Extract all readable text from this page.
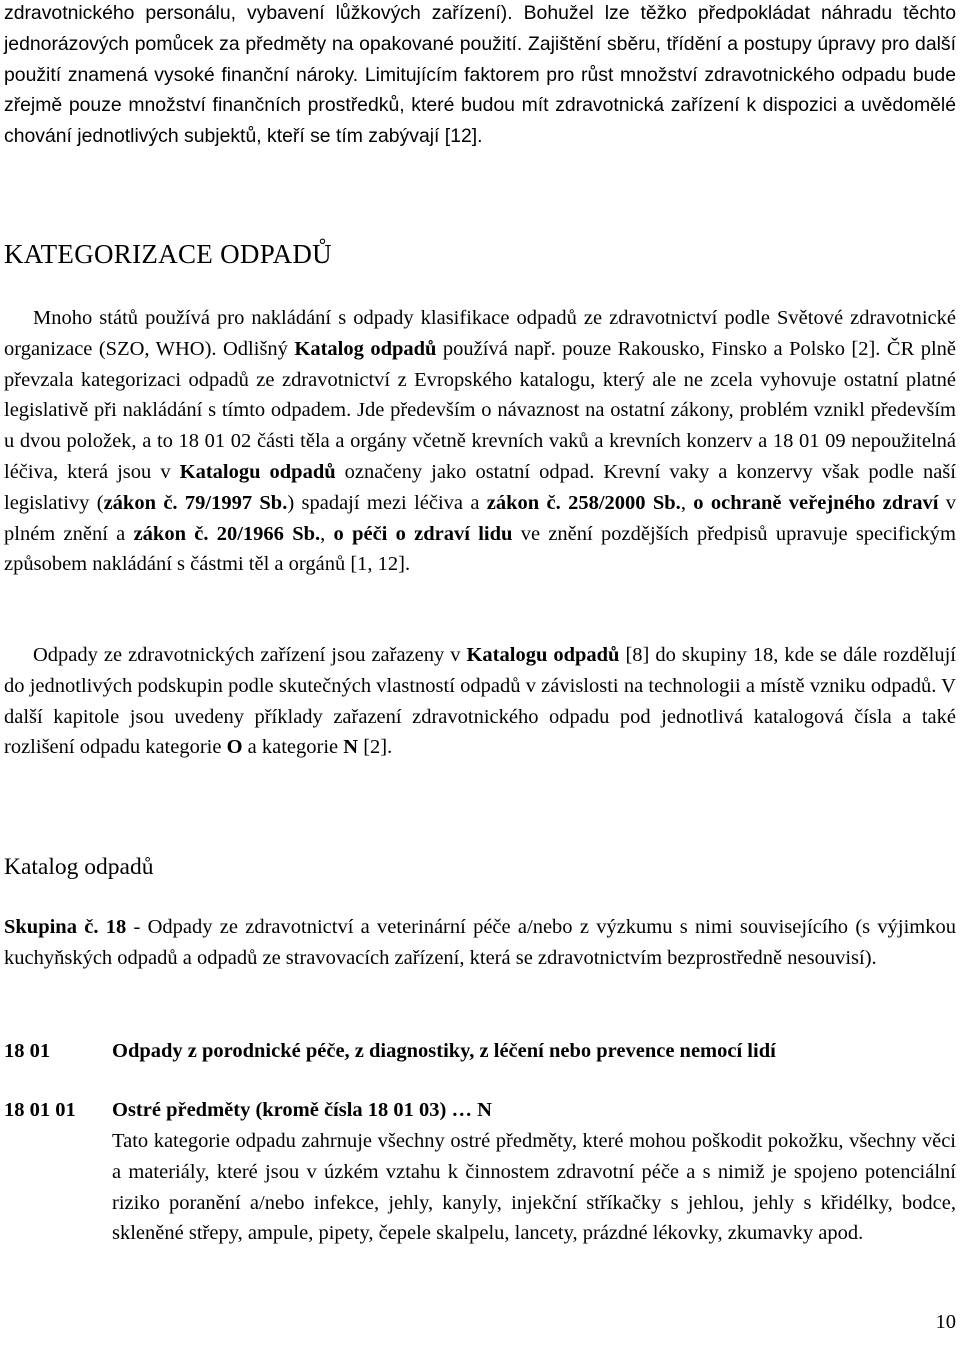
zdravotnického personálu, vybavení lůžkových zařízení). Bohužel lze těžko předpokládat náhradu těchto jednorázových pomůcek za předměty na opakované použití. Zajištění sběru, třídění a postupy úpravy pro další použití znamená vysoké finanční nároky. Limitujícím faktorem pro růst množství zdravotnického odpadu bude zřejmě pouze množství finančních prostředků, které budou mít zdravotnická zařízení k dispozici a uvědomělé chování jednotlivých subjektů, kteří se tím zabývají [12].

KATEGORIZACE ODPADŮ

Mnoho států používá pro nakládání s odpady klasifikace odpadů ze zdravotnictví podle Světové zdravotnické organizace (SZO, WHO). Odlišný Katalog odpadů používá např. pouze Rakousko, Finsko a Polsko [2]. ČR plně převzala kategorizaci odpadů ze zdravotnictví z Evropského katalogu, který ale ne zcela vyhovuje ostatní platné legislativě při nakládání s tímto odpadem. Jde především o návaznost na ostatní zákony, problém vznikl především u dvou položek, a to 18 01 02 části těla a orgány včetně krevních vaků a krevních konzerv a 18 01 09 nepoužitelná léčiva, která jsou v Katalogu odpadů označeny jako ostatní odpad. Krevní vaky a konzervy však podle naší legislativy (zákon č. 79/1997 Sb.) spadají mezi léčiva a zákon č. 258/2000 Sb., o ochraně veřejného zdraví v plném znění a zákon č. 20/1966 Sb., o péči o zdraví lidu ve znění pozdějších předpisů upravuje specifickým způsobem nakládání s částmi těl a orgánů [1, 12].

Odpady ze zdravotnických zařízení jsou zařazeny v Katalogu odpadů [8] do skupiny 18, kde se dále rozdělují do jednotlivých podskupin podle skutečných vlastností odpadů v závislosti na technologii a místě vzniku odpadů. V další kapitole jsou uvedeny příklady zařazení zdravotnického odpadu pod jednotlivá katalogová čísla a také rozlišení odpadu kategorie O a kategorie N [2].

Katalog odpadů

Skupina č. 18 - Odpady ze zdravotnictví a veterinární péče a/nebo z výzkumu s nimi souvisejícího (s výjimkou kuchyňských odpadů a odpadů ze stravovacích zařízení, která se zdravotnictvím bezprostředně nesouvisí).

18 01	Odpady z porodnické péče, z diagnostiky, z léčení nebo prevence nemocí lidí

18 01 01 Ostré předměty (kromě čísla 18 01 03) … N

Tato kategorie odpadu zahrnuje všechny ostré předměty, které mohou poškodit pokožku, všechny věci a materiály, které jsou v úzkém vztahu k činnostem zdravotní péče a s nimiž je spojeno potenciální riziko poranění a/nebo infekce, jehly, kanyly, injekční stříkačky s jehlou, jehly s křidélky, bodce, skleněné střepy, ampule, pipety, čepele skalpelu, lancety, prázdné lékovky, zkumavky apod.

10
